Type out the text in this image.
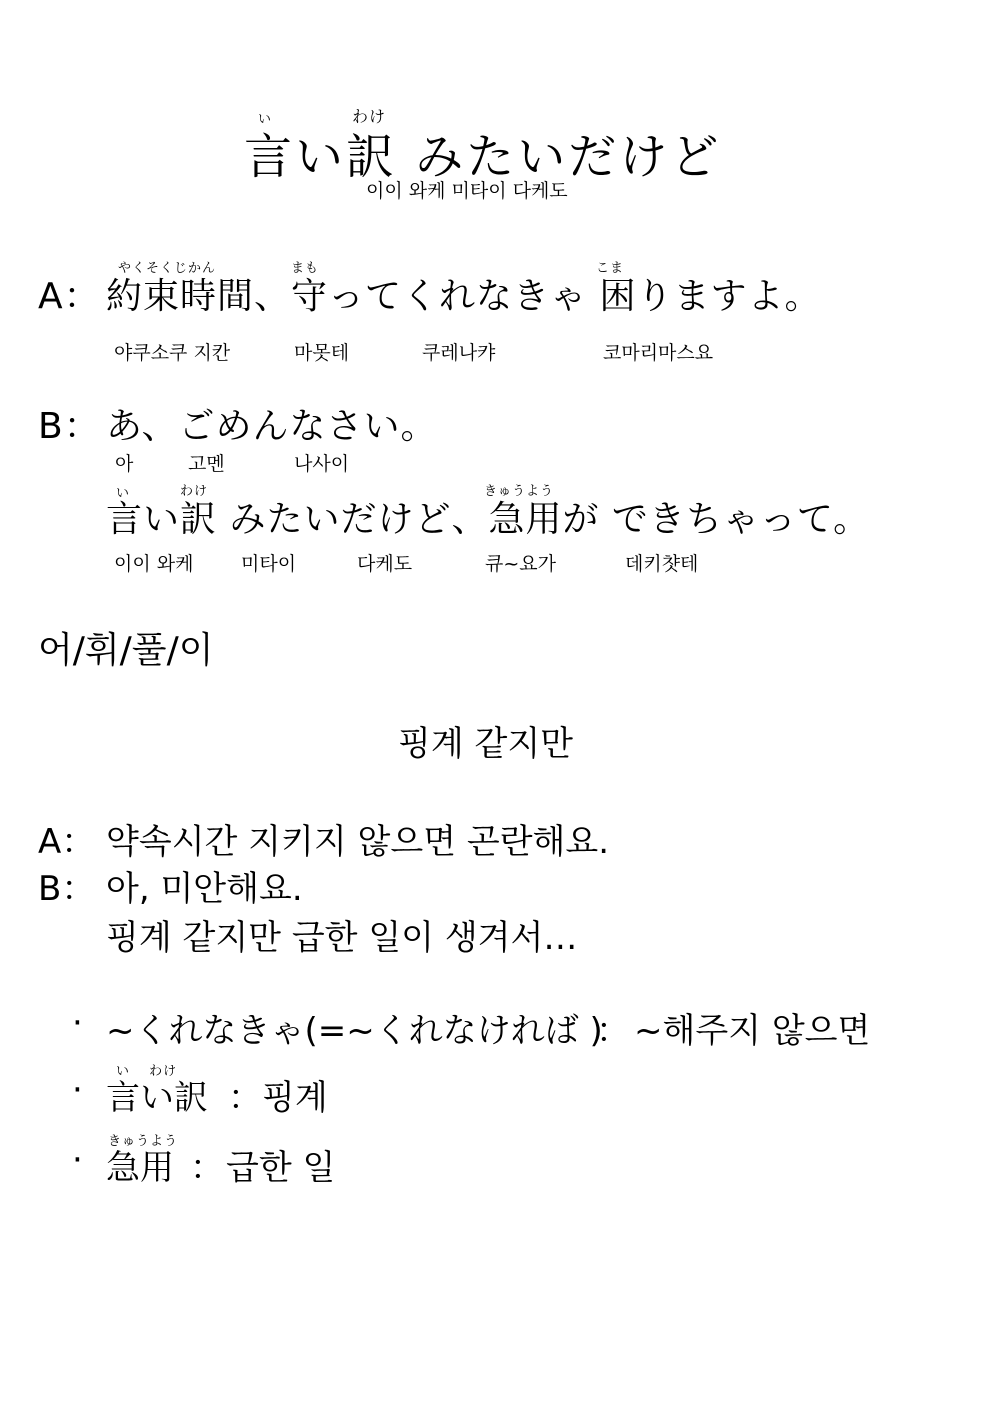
い	わけ
言い訳 みたいだけど
이이 와케 미타이 다케도
やくそくじかん	まも	こま
A： 約束時間、守ってくれなきゃ 困りますよ。
야쿠소쿠 지칸	마못테	쿠레나캬	코마리마스요
B： あ、ごめんなさい。
아	고멘	나사이
い	わけ	きゅうよう
言い訳 みたいだけど、急用が できちゃって。
이이 와케	미타이	다케도	큐~요가	데키챳테
어/휘/풀/이
핑계 같지만
A： 약속시간 지키지 않으면 곤란해요.
B： 아, 미안해요.
핑계 같지만 급한 일이 생겨서…
· ~くれなきゃ(=~くれなければ )
： ~해주지 않으면
い　 わけ
· 言い訳 ： 핑계
きゅうよう
· 急用 ： 급한 일
